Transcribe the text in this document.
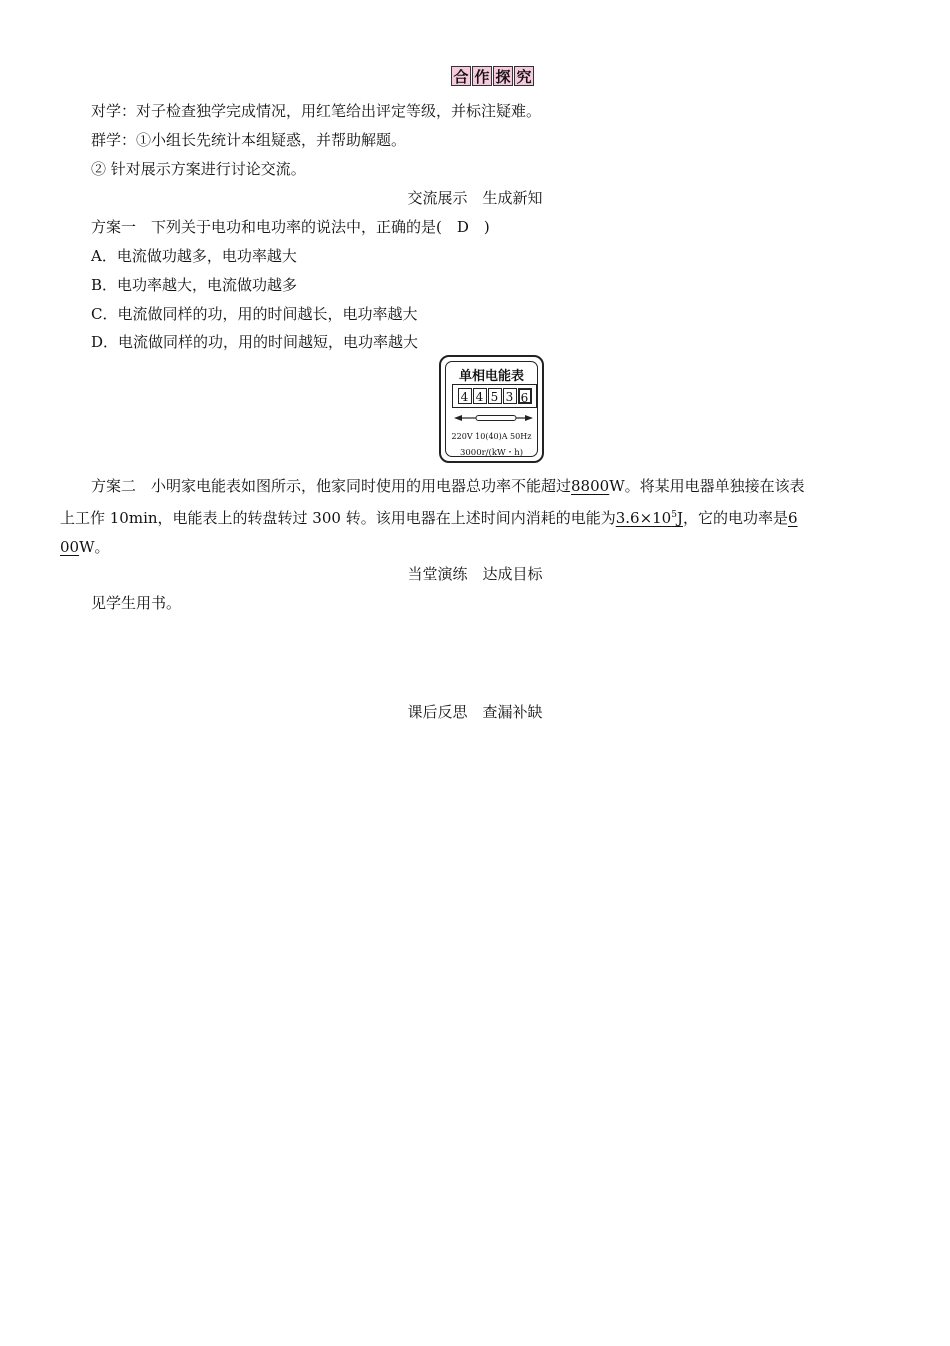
合 作 探 究
对学：对子检查独学完成情况，用红笔给出评定等级，并标注疑难。
群学：①小组长先统计本组疑惑，并帮助解题。
② 针对展示方案进行讨论交流。
交流展示　生成新知
方案一　下列关于电功和电功率的说法中，正确的是(　D　)
A．电流做功越多，电功率越大
B．电功率越大，电流做功越多
C．电流做同样的功，用的时间越长，电功率越大
D．电流做同样的功，用的时间越短，电功率越大
单相电能表
4 4 5 3 6
220V 10(40)A 50Hz
3000r/(kW・h)
方案二　小明家电能表如图所示，他家同时使用的用电器总功率不能超过8800W。将某用电器单独接在该表
上工作 10min，电能表上的转盘转过 300 转。该用电器在上述时间内消耗的电能为$3.6\times 10^5J$，它的电功率是6
00W。
当堂演练　达成目标
见学生用书。
课后反思　查漏补缺
